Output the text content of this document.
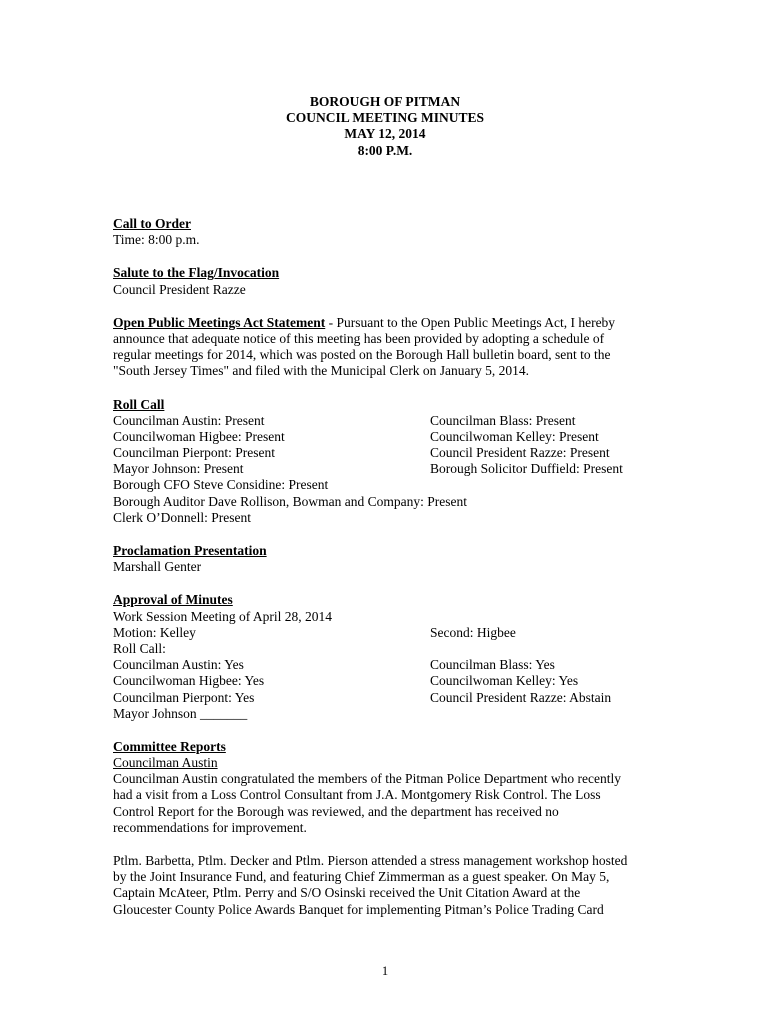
BOROUGH OF PITMAN
COUNCIL MEETING MINUTES
MAY 12, 2014
8:00 P.M.
Call to Order
Time: 8:00 p.m.
Salute to the Flag/Invocation
Council President Razze
Open Public Meetings Act Statement - Pursuant to the Open Public Meetings Act, I hereby
announce that adequate notice of this meeting has been provided by adopting a schedule of
regular meetings for 2014, which was posted on the Borough Hall bulletin board, sent to the
"South Jersey Times" and filed with the Municipal Clerk on January 5, 2014.
Roll Call
Councilman Austin: Present	Councilman Blass: Present
Councilwoman Higbee: Present	Councilwoman Kelley: Present
Councilman Pierpont: Present	Council President Razze: Present
Mayor Johnson: Present	Borough Solicitor Duffield: Present
Borough CFO Steve Considine: Present
Borough Auditor Dave Rollison, Bowman and Company: Present
Clerk O’Donnell: Present
Proclamation Presentation
Marshall Genter
Approval of Minutes
Work Session Meeting of April 28, 2014
Motion: Kelley	Second: Higbee
Roll Call:
Councilman Austin: Yes	Councilman Blass: Yes
Councilwoman Higbee: Yes	Councilwoman Kelley: Yes
Councilman Pierpont: Yes	Council President Razze: Abstain
Mayor Johnson _______
Committee Reports
Councilman Austin
Councilman Austin congratulated the members of the Pitman Police Department who recently
had a visit from a Loss Control Consultant from J.A. Montgomery Risk Control. The Loss
Control Report for the Borough was reviewed, and the department has received no
recommendations for improvement.
Ptlm. Barbetta, Ptlm. Decker and Ptlm. Pierson attended a stress management workshop hosted
by the Joint Insurance Fund, and featuring Chief Zimmerman as a guest speaker. On May 5,
Captain McAteer, Ptlm. Perry and S/O Osinski received the Unit Citation Award at the
Gloucester County Police Awards Banquet for implementing Pitman’s Police Trading Card
1
